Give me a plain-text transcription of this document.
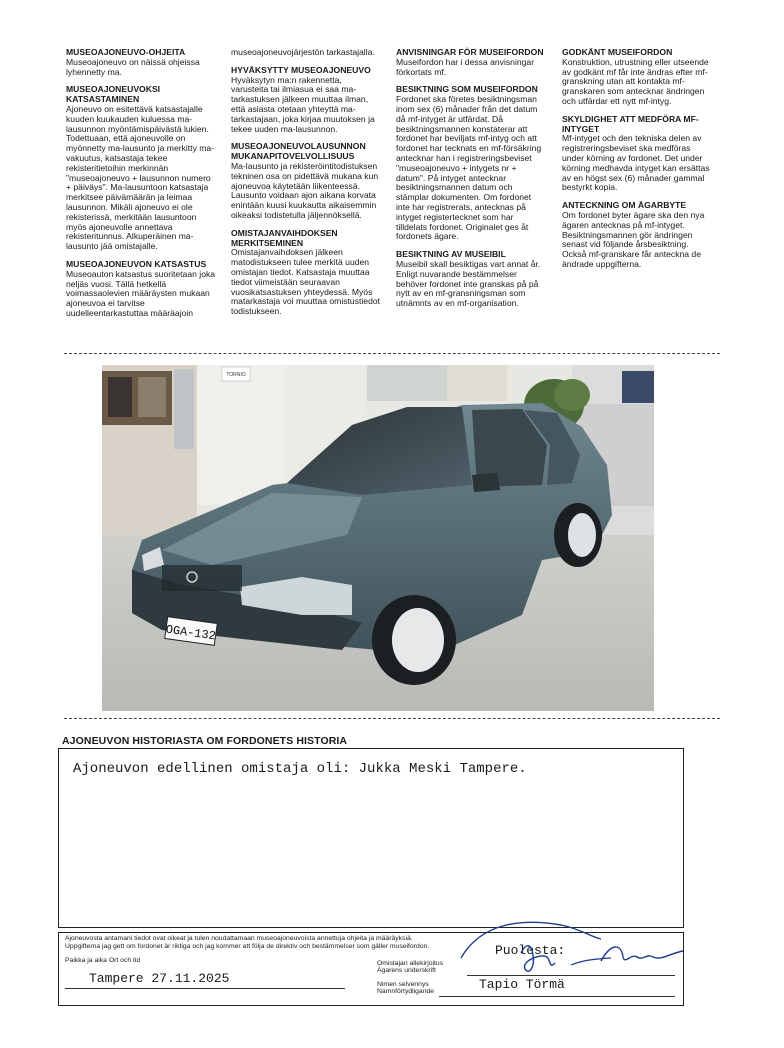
MUSEOAJONEUVO-OHJEITA
Museoajoneuvo on näissä ohjeissa lyhennetty ma.
MUSEOAJONEUVOKSI KATSASTAMINEN
Ajoneuvo on esitettävä katsastajalle kuuden kuukauden kuluessa ma-lausunnon myöntämispäivästä lukien. Todettuaan, että ajoneuvolle on myönnetty ma-lausunto ja merkitty ma-vakuutus, katsastaja tekee rekisteritietoihin merkinnän "museoajoneuvo + lausunnon numero + päiväys". Ma-lausuntoon katsastaja merkitsee päivämäärän ja leimaa lausunnon. Mikäli ajoneuvo ei ole rekisterissä, merkitään lausuntoon myös ajoneuvolle annettava rekisteritunnus. Alkuperäinen ma-lausunto jää omistajalle.
MUSEOAJONEUVON KATSASTUS
Museoauton katsastus suoritetaan joka neljäs vuosi. Tällä hetkellä voimassaolevien määräysten mukaan ajoneuvoa ei tarvitse uudelleentarkastuttaa määräajoin
museoajoneuvojärjestön tarkastajalla.
HYVÄKSYTTY MUSEOAJONEUVO
Hyväksytyn ma:n rakennetta, varusteita tai ilmiasua ei saa ma-tarkastuksen jälkeen muuttaa ilman, että asiasta otetaan yhteyttä ma-tarkastajaan, joka kirjaa muutoksen ja tekee uuden ma-lausunnon.
MUSEOAJONEUVOLAUSUNNON MUKANAPITOVELVOLLISUUS
Ma-lausunto ja rekisteröintitodistuksen tekninen osa on pidettävä mukana kun ajoneuvoa käytetään liikenteessä. Lausunto voidaan ajon aikana korvata enintään kuusi kuukautta aikaisemmin oikeaksi todistetulla jäljennöksellä.
OMISTAJANVAIHDOKSEN MERKITSEMINEN
Omistajanvaihdoksen jälkeen matodistukseen tulee merkitä uuden omistajan tiedot. Katsastaja muuttaa tiedot viimeistään seuraavan vuosikatsastuksen yhteydessä. Myös matarkastaja voi muuttaa omistustiedot todistukseen.
ANVISNINGAR FÖR MUSEIFORDON
Museifordon har i dessa anvisningar förkortats mf.
BESIKTNING SOM MUSEIFORDON
Fordonet ska företes besiktningsman inom sex (6) månader från det datum då mf-intyget är utfärdat. Då besiktningsmannen konstaterar att fordonet har beviljats mf-intyg och att fordonet har tecknats en mf-försäkring antecknar han i registreringsbeviset "museoajoneuvo + intygets nr + datum". På intyget antecknar besiktningsmannen datum och stämplar dokumenten. Om fordonet inte har registrerats, antecknas på intyget registertecknet som har tilldelats fordonet. Originalet ges åt fordonets ägare.
BESIKTNING AV MUSEIBIL
Museibil skall besiktigas vart annat år. Enligt nuvarande bestämmelser behöver fordonet inte granskas på på nytt av en mf-gransningsman som utnämnts av en mf-organisation.
GODKÄNT MUSEIFORDON
Konstruktion, utrustning eller utseende av godkänt mf får inte ändras efter mf-granskning utan att kontakta mf-granskaren som antecknar ändringen och utfärdar ett nytt mf-intyg.
SKYLDIGHET ATT MEDFÖRA MF-INTYGET
Mf-intyget och den tekniska delen av registreringsbeviset ska medföras under körning av fordonet. Det under körning medhavda intyget kan ersättas av en högst sex (6) månader gammal bestyrkt kopia.
ANTECKNING OM ÄGARBYTE
Om fordonet byter ägare ska den nya ägaren antecknas på mf-intyget. Besiktningsmannen gör ändringen senast vid följande årsbesiktning. Också mf-granskare får anteckna de ändrade uppgifterna.
TORNIO
OGA-132
AJONEUVON HISTORIASTA OM FORDONETS HISTORIA
Ajoneuvon edellinen omistaja oli: Jukka Meski Tampere.
Ajoneuvosta antamani tiedot ovat oikeat ja tulen noudattamaan museoajoneuvoista annettuja ohjeita ja määräyksiä.
Uppgifterna jag gett om fordonet är riktiga och jag kommer att följa de direktiv och bestämmelser som gäller museifordon.
Paikka ja aika Ort och tid
Tampere 27.11.2025
Omistajan allekirjoitus
Ägarens underskrift
Nimen selvennys
Namnförtydligande
Puolesta:
Tapio Törmä
